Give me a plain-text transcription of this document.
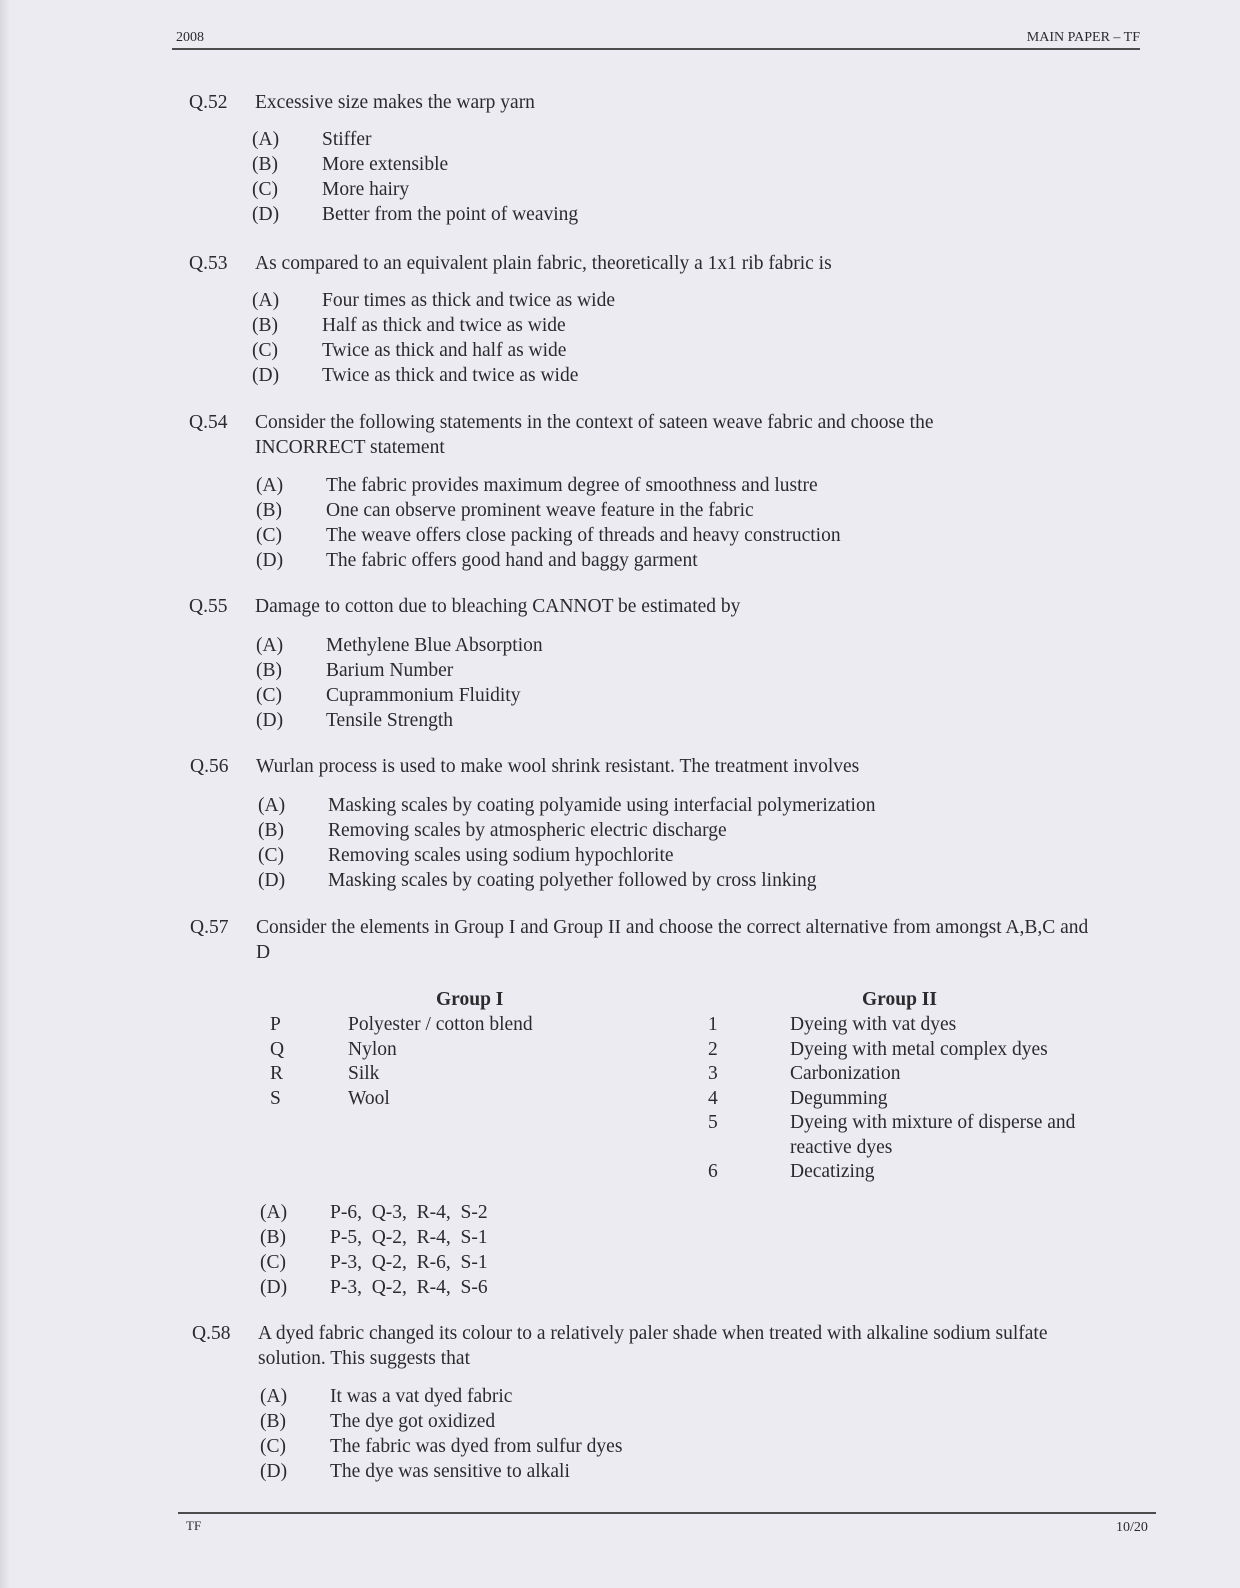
2008	MAIN PAPER – TF
Q.52 Excessive size makes the warp yarn
(A) Stiffer
(B) More extensible
(C) More hairy
(D) Better from the point of weaving
Q.53 As compared to an equivalent plain fabric, theoretically a 1x1 rib fabric is
(A) Four times as thick and twice as wide
(B) Half as thick and twice as wide
(C) Twice as thick and half as wide
(D) Twice as thick and twice as wide
Q.54 Consider the following statements in the context of sateen weave fabric and choose the INCORRECT statement
(A) The fabric provides maximum degree of smoothness and lustre
(B) One can observe prominent weave feature in the fabric
(C) The weave offers close packing of threads and heavy construction
(D) The fabric offers good hand and baggy garment
Q.55 Damage to cotton due to bleaching CANNOT be estimated by
(A) Methylene Blue Absorption
(B) Barium Number
(C) Cuprammonium Fluidity
(D) Tensile Strength
Q.56 Wurlan process is used to make wool shrink resistant. The treatment involves
(A) Masking scales by coating polyamide using interfacial polymerization
(B) Removing scales by atmospheric electric discharge
(C) Removing scales using sodium hypochlorite
(D) Masking scales by coating polyether followed by cross linking
Q.57 Consider the elements in Group I and Group II and choose the correct alternative from amongst A,B,C and D
Group I	Group II
P	Polyester / cotton blend
Q	Nylon
R	Silk
S	Wool
1	Dyeing with vat dyes
2	Dyeing with metal complex dyes
3	Carbonization
4	Degumming
5	Dyeing with mixture of disperse and
reactive dyes
6	Decatizing
(A) P-6,  Q-3,  R-4,  S-2
(B) P-5,  Q-2,  R-4,  S-1
(C) P-3,  Q-2,  R-6,  S-1
(D) P-3,  Q-2,  R-4,  S-6
Q.58 A dyed fabric changed its colour to a relatively paler shade when treated with alkaline sodium sulfate solution. This suggests that
(A) It was a vat dyed fabric
(B) The dye got oxidized
(C) The fabric was dyed from sulfur dyes
(D) The dye was sensitive to alkali
TF	10/20
